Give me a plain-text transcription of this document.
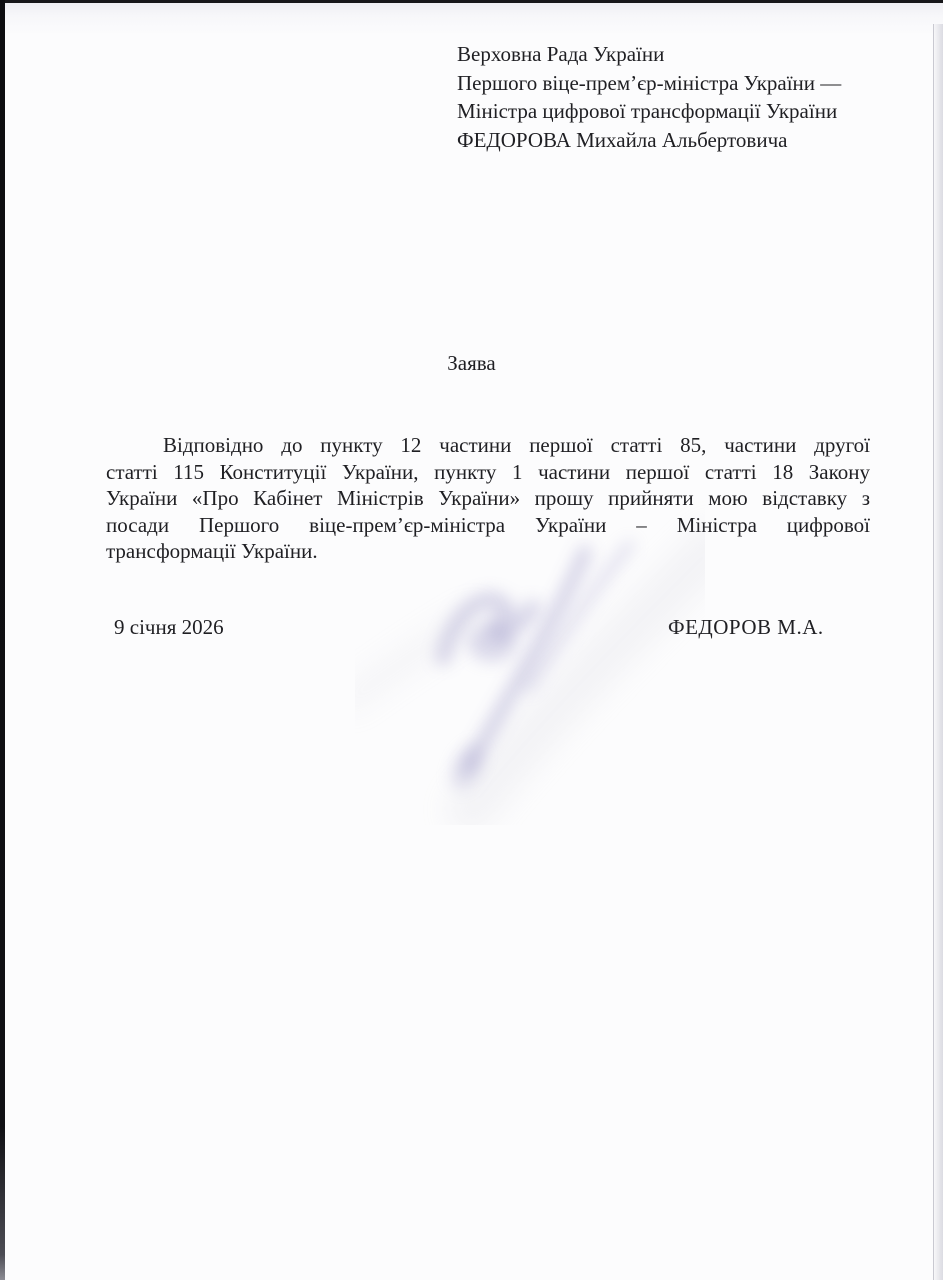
Верховна Рада України
Першого віце-прем’єр-міністра України —
Міністра цифрової трансформації України
ФЕДОРОВА Михайла Альбертовича
Заява
Відповідно до пункту 12 частини першої статті 85, частини другої
статті 115 Конституції України, пункту 1 частини першої статті 18 Закону
України «Про Кабінет Міністрів України» прошу прийняти мою відставку з
посади Першого віце-прем’єр-міністра України – Міністра цифрової
трансформації України.
9 січня 2026	ФЕДОРОВ М.А.
